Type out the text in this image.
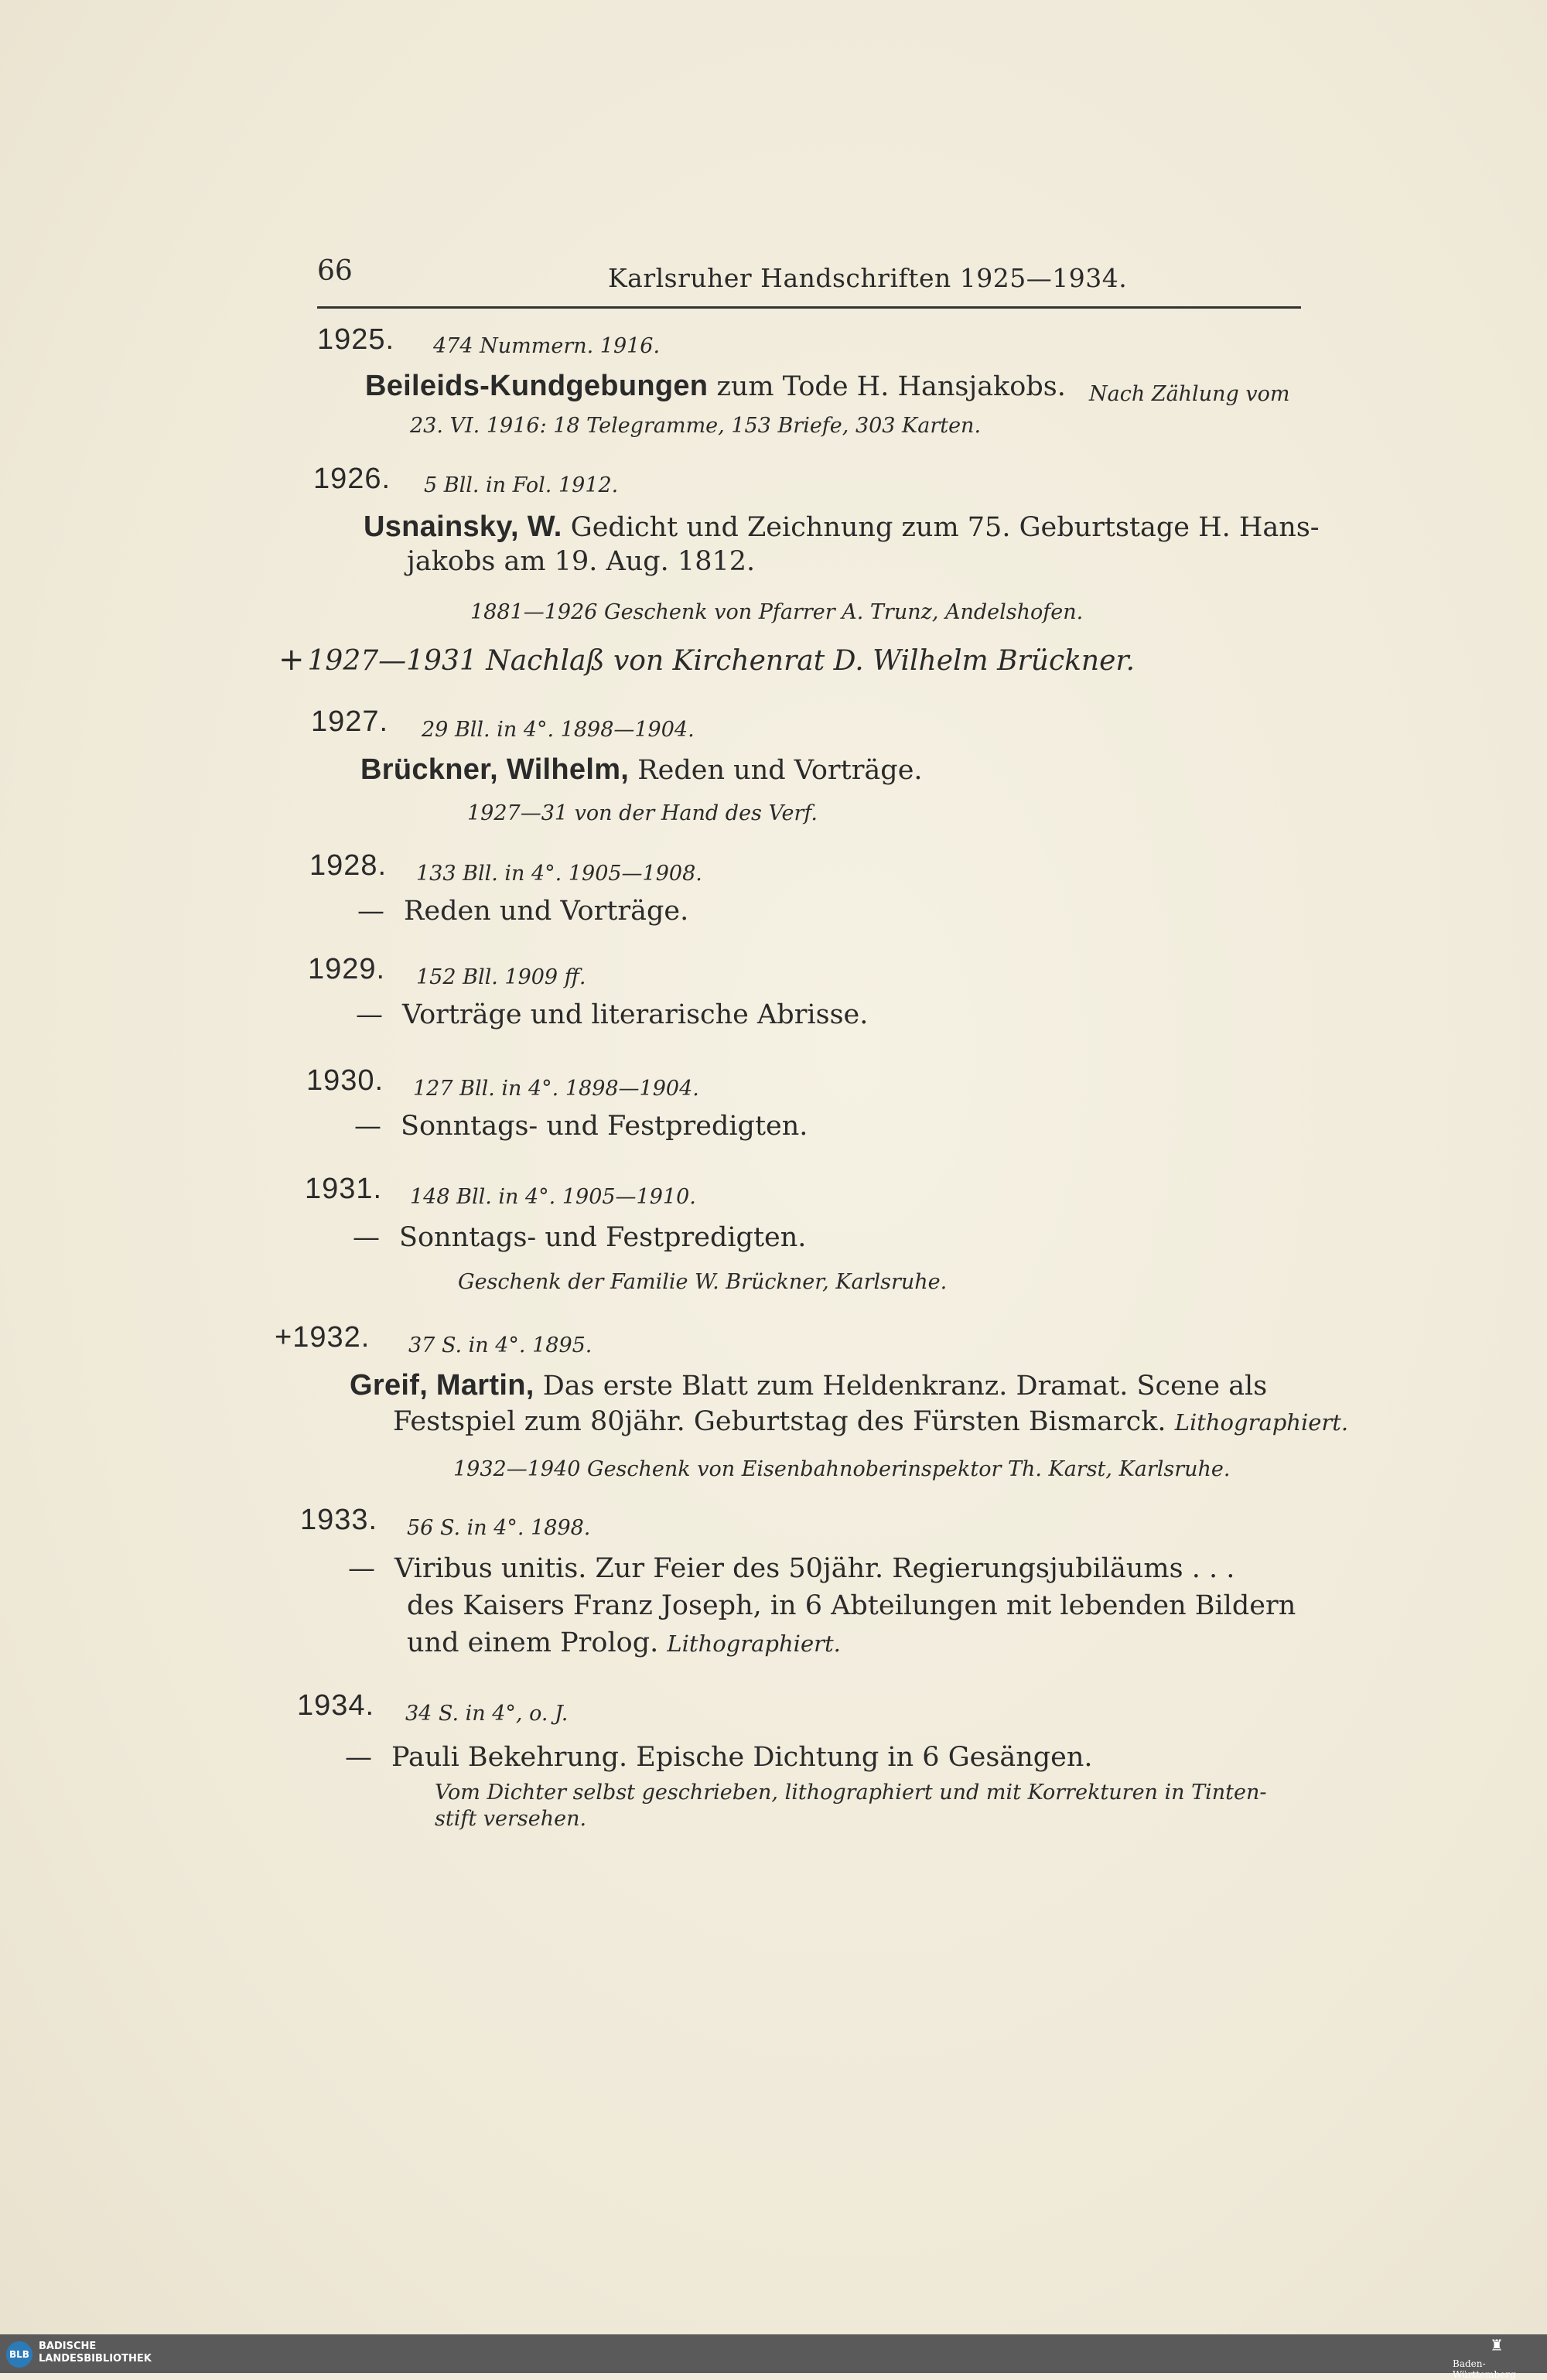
66	Karlsruher Handschriften 1925—1934.
1925. 474 Nummern. 1916.
Beileids-Kundgebungen zum Tode H. Hansjakobs. Nach Zählung vom
23. VI. 1916: 18 Telegramme, 153 Briefe, 303 Karten.
1926. 5 Bll. in Fol. 1912.
Usnainsky, W. Gedicht und Zeichnung zum 75. Geburtstage H. Hans-
jakobs am 19. Aug. 1812.
1881—1926 Geschenk von Pfarrer A. Trunz, Andelshofen.
+ 1927—1931 Nachlaß von Kirchenrat D. Wilhelm Brückner.
1927. 29 Bll. in 4°. 1898—1904.
Brückner, Wilhelm, Reden und Vorträge.
1927—31 von der Hand des Verf.
1928. 133 Bll. in 4°. 1905—1908.
— Reden und Vorträge.
1929. 152 Bll. 1909 ff.
— Vorträge und literarische Abrisse.
1930. 127 Bll. in 4°. 1898—1904.
— Sonntags- und Festpredigten.
1931. 148 Bll. in 4°. 1905—1910.
— Sonntags- und Festpredigten.
Geschenk der Familie W. Brückner, Karlsruhe.
+1932. 37 S. in 4°. 1895.
Greif, Martin, Das erste Blatt zum Heldenkranz. Dramat. Scene als
Festspiel zum 80jähr. Geburtstag des Fürsten Bismarck. Lithographiert.
1932—1940 Geschenk von Eisenbahnoberinspektor Th. Karst, Karlsruhe.
1933. 56 S. in 4°. 1898.
— Viribus unitis. Zur Feier des 50jähr. Regierungsjubiläums . . .
des Kaisers Franz Joseph, in 6 Abteilungen mit lebenden Bildern
und einem Prolog. Lithographiert.
1934. 34 S. in 4°, o. J.
— Pauli Bekehrung. Epische Dichtung in 6 Gesängen.
Vom Dichter selbst geschrieben, lithographiert und mit Korrekturen in Tinten-
stift versehen.
BLB
BADISCHE
LANDESBIBLIOTHEK
♜
Baden-Württemberg
